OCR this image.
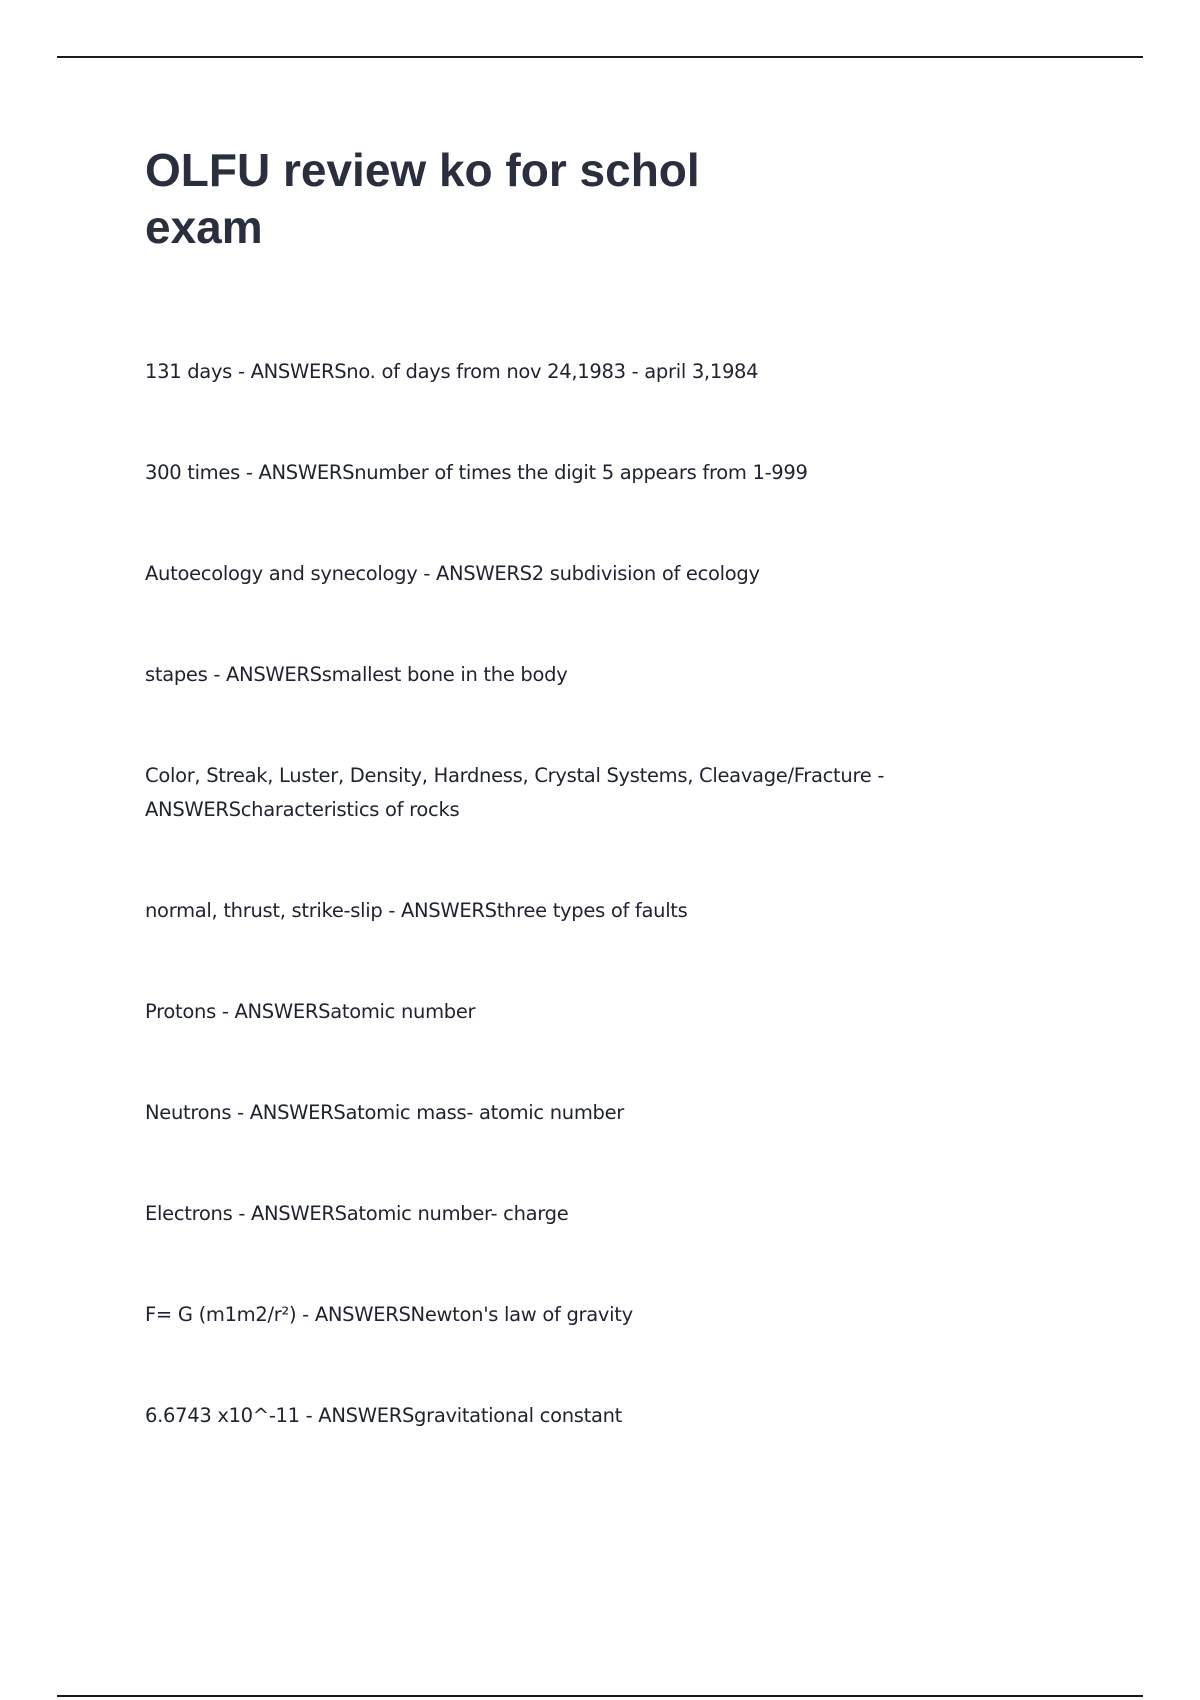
OLFU review ko for schol exam
131 days - ANSWERSno. of days from nov 24,1983 - april 3,1984
300 times - ANSWERSnumber of times the digit 5 appears from 1-999
Autoecology and synecology - ANSWERS2 subdivision of ecology
stapes - ANSWERSsmallest bone in the body
Color, Streak, Luster, Density, Hardness, Crystal Systems, Cleavage/Fracture - ANSWERScharacteristics of rocks
normal, thrust, strike-slip - ANSWERSthree types of faults
Protons - ANSWERSatomic number
Neutrons - ANSWERSatomic mass- atomic number
Electrons - ANSWERSatomic number- charge
F= G (m1m2/r²) - ANSWERSNewton's law of gravity
6.6743 x10^-11 - ANSWERSgravitational constant
